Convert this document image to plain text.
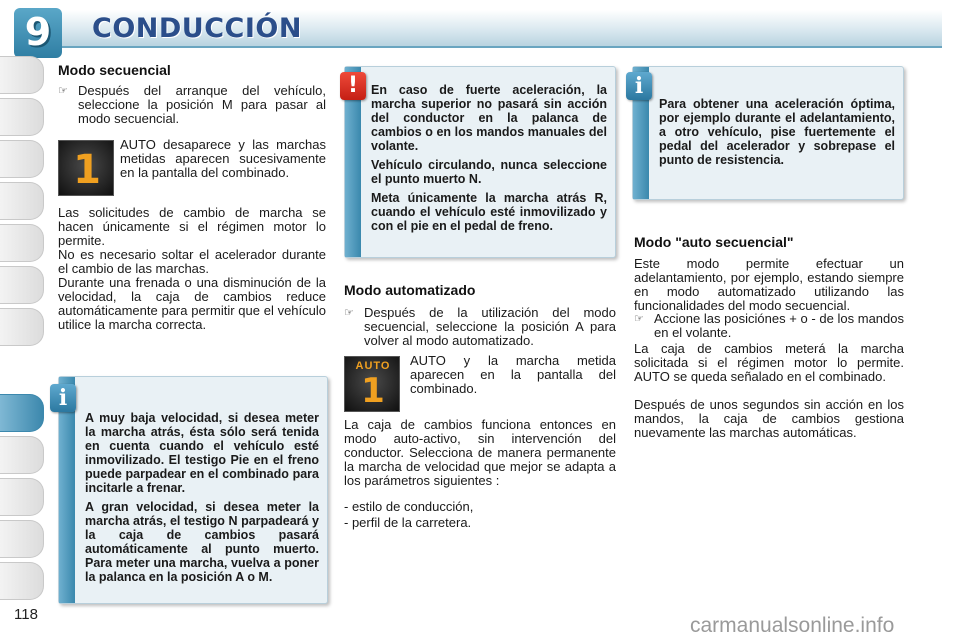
9	CONDUCCIÓN
Modo secuencial
☞ Después del arranque del vehículo, seleccione la posición M para pasar al modo secuencial.
1
AUTO desaparece y las marchas metidas aparecen sucesivamente en la pantalla del combinado.
Las solicitudes de cambio de marcha se hacen únicamente si el régimen motor lo permite.
No es necesario soltar el acelerador durante el cambio de las marchas.
Durante una frenada o una disminución de la velocidad, la caja de cambios reduce automáticamente para permitir que el vehículo utilice la marcha correcta.

A muy baja velocidad, si desea meter la marcha atrás, ésta sólo será tenida en cuenta cuando el vehículo esté inmovilizado. El testigo Pie en el freno puede parpadear en el combinado para incitarle a frenar.

A gran velocidad, si desea meter la marcha atrás, el testigo N parpadeará y la caja de cambios pasará automáticamente al punto muerto. Para meter una marcha, vuelva a poner la palanca en la posición A o M.

i

En caso de fuerte aceleración, la marcha superior no pasará sin acción del conductor en la palanca de cambios o en los mandos manuales del volante.

Vehículo circulando, nunca seleccione el punto muerto N.

Meta únicamente la marcha atrás R, cuando el vehículo esté inmovilizado y con el pie en el pedal de freno.

!
Modo automatizado
☞ Después de la utilización del modo secuencial, seleccione la posición A para volver al modo automatizado.
AUTO
1
AUTO y la marcha metida aparecen en la pantalla del combinado.
La caja de cambios funciona entonces en modo auto-activo, sin intervención del conductor. Selecciona de manera permanente la marcha de velocidad que mejor se adapta a los parámetros siguientes :
- estilo de conducción,
- perfil de la carretera.
Para obtener una aceleración óptima, por ejemplo durante el adelantamiento, a otro vehículo, pise fuertemente el pedal del acelerador y sobrepase el punto de resistencia.
i
Modo "auto secuencial"
Este modo permite efectuar un adelantamiento, por ejemplo, estando siempre en modo automatizado utilizando las funcionalidades del modo secuencial.
☞ Accione las posiciónes + o - de los mandos en el volante.
La caja de cambios meterá la marcha solicitada si el régimen motor lo permite. AUTO se queda señalado en el combinado.
Después de unos segundos sin acción en los mandos, la caja de cambios gestiona nuevamente las marchas automáticas.
118	carmanualsonline.info
